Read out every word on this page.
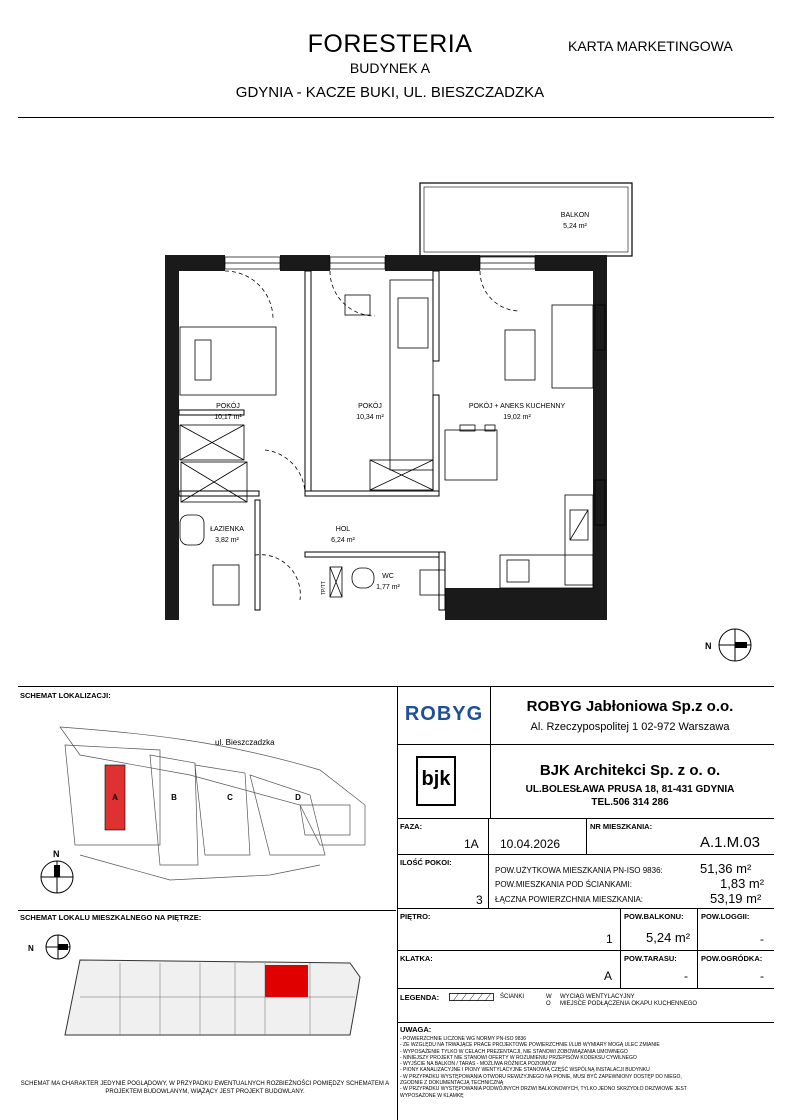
FORESTERIA
BUDYNEK A
GDYNIA - KACZE BUKI, UL. BIESZCZADZKA
KARTA MARKETINGOWA
BALKON
5,24 m²
POKÓJ
10,17 m²
POKÓJ
10,34 m²
POKÓJ + ANEKS KUCHENNY
19,02 m²
ŁAZIENKA
3,82 m²
HOL
6,24 m²
WC
1,77 m²
TP/TT
N
SCHEMAT LOKALIZACJI:
A	B	C	D
ul. Bieszczadzka
N
SCHEMAT LOKALU MIESZKALNEGO NA PIĘTRZE:
N
SCHEMAT MA CHARAKTER JEDYNIE POGLĄDOWY, W PRZYPADKU EWENTUALNYCH ROZBIEŻNOŚCI POMIĘDZY SCHEMATEM A PROJEKTEM BUDOWLANYM, WIĄŻĄCY JEST PROJEKT BUDOWLANY.
ROBYG	ROBYG Jabłoniowa Sp.z o.o.
Al. Rzeczypospolitej 1 02-972 Warszawa
bjk	BJK Architekci Sp. z o. o.
UL.BOLESŁAWA PRUSA 18, 81-431 GDYNIA
TEL.506 314 286
FAZA:
1A 10.04.2026
NR MIESZKANIA:
A.1.M.03
ILOŚĆ POKOI:
3
POW.UŻYTKOWA MIESZKANIA PN-ISO 9836:	51,36 m²
POW.MIESZKANIA POD ŚCIANKAMI:	1,83 m²
ŁĄCZNA POWIERZCHNIA MIESZKANIA:	53,19 m²
PIĘTRO:
1
POW.BALKONU:
5,24 m²
POW.LOGGII:
-
KLATKA:
A
POW.TARASU:
-
POW.OGRÓDKA:
-
LEGENDA:	ŚCIANKI	W WYCIĄG WENTYLACYJNY
O MIEJSCE PODŁĄCZENIA OKAPU KUCHENNEGO
UWAGA:
- POWIERZCHNIE LICZONE WG NORMY PN-ISO 9836
- ZE WZGLĘDU NA TRWAJĄCE PRACE PROJEKTOWE POWIERZCHNIE I/LUB WYMIARY MOGĄ ULEC ZMIANIE
- WYPOSAŻENIE TYLKO W CELACH PREZENTACJI, NIE STANOWI ZOBOWIĄZANIA UMOWNEGO
- NINIEJSZY PROJEKT NIE STANOWI OFERTY W ROZUMIENIU PRZEPISÓW KODEKSU CYWILNEGO
- WYJŚCIE NA BALKON / TARAS - MOŻLIWA RÓŻNICA POZIOMÓW
- PIONY KANALIZACYJNE I PIONY WENTYLACYJNE STANOWIĄ CZĘŚĆ WSPÓLNĄ INSTALACJI BUDYNKU
- W PRZYPADKU WYSTĘPOWANIA OTWORU REWIZYJNEGO NA PIONIE, MUSI BYĆ ZAPEWNIONY DOSTĘP DO NIEGO, ZGODNIE Z DOKUMENTACJĄ TECHNICZNĄ
- W PRZYPADKU WYSTĘPOWANIA PODWÓJNYCH DRZWI BALKONOWYCH, TYLKO JEDNO SKRZYDŁO DRZWIOWE JEST WYPOSAŻONE W KLAMKĘ
